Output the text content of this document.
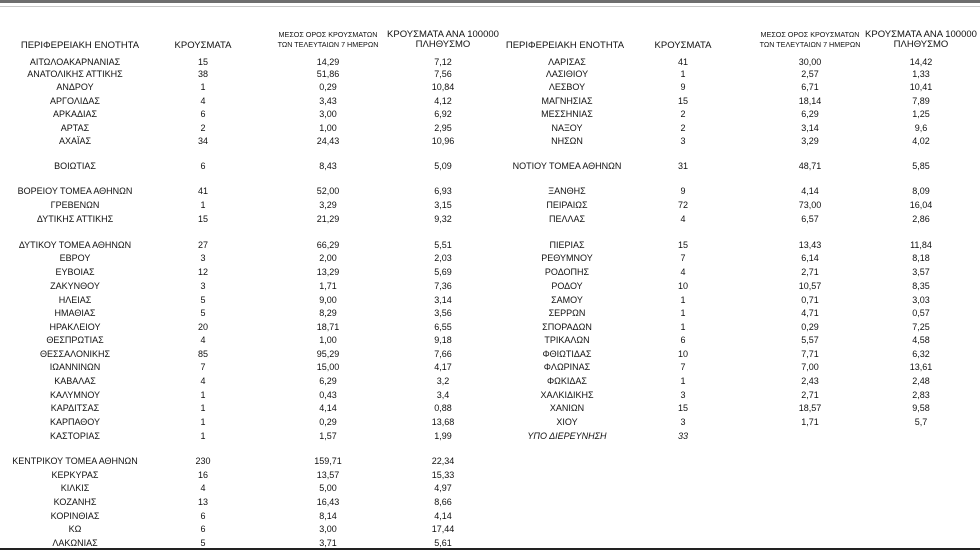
ΠΕΡΙΦΕΡΕΙΑΚΗ ΕΝΟΤΗΤΑ	ΚΡΟΥΣΜΑΤΑ
ΜΕΣΟΣ ΟΡΟΣ ΚΡΟΥΣΜΑΤΩΝ
ΤΩΝ ΤΕΛΕΥΤΑΙΩΝ 7 ΗΜΕΡΩΝ
ΚΡΟΥΣΜΑΤΑ ΑΝΑ 100000
ΠΛΗΘΥΣΜΟ	ΠΕΡΙΦΕΡΕΙΑΚΗ ΕΝΟΤΗΤΑ	ΚΡΟΥΣΜΑΤΑ
ΜΕΣΟΣ ΟΡΟΣ ΚΡΟΥΣΜΑΤΩΝ
ΤΩΝ ΤΕΛΕΥΤΑΙΩΝ 7 ΗΜΕΡΩΝ
ΚΡΟΥΣΜΑΤΑ ΑΝΑ 100000
ΠΛΗΘΥΣΜΟ
ΑΙΤΩΛΟΑΚΑΡΝΑΝΙΑΣ	15	14,29	7,12
ΑΝΑΤΟΛΙΚΗΣ ΑΤΤΙΚΗΣ	38	51,86	7,56
ΑΝΔΡΟΥ	1	0,29	10,84
ΑΡΓΟΛΙΔΑΣ	4	3,43	4,12
ΑΡΚΑΔΙΑΣ	6	3,00	6,92
ΑΡΤΑΣ	2	1,00	2,95
ΑΧΑΪΑΣ	34	24,43	10,96
ΒΟΙΩΤΙΑΣ	6	8,43	5,09
ΒΟΡΕΙΟΥ ΤΟΜΕΑ ΑΘΗΝΩΝ	41	52,00	6,93
ΓΡΕΒΕΝΩΝ	1	3,29	3,15
ΔΥΤΙΚΗΣ ΑΤΤΙΚΗΣ	15	21,29	9,32
ΔΥΤΙΚΟΥ ΤΟΜΕΑ ΑΘΗΝΩΝ	27	66,29	5,51
ΕΒΡΟΥ	3	2,00	2,03
ΕΥΒΟΙΑΣ	12	13,29	5,69
ΖΑΚΥΝΘΟΥ	3	1,71	7,36
ΗΛΕΙΑΣ	5	9,00	3,14
ΗΜΑΘΙΑΣ	5	8,29	3,56
ΗΡΑΚΛΕΙΟΥ	20	18,71	6,55
ΘΕΣΠΡΩΤΙΑΣ	4	1,00	9,18
ΘΕΣΣΑΛΟΝΙΚΗΣ	85	95,29	7,66
ΙΩΑΝΝΙΝΩΝ	7	15,00	4,17
ΚΑΒΑΛΑΣ	4	6,29	3,2
ΚΑΛΥΜΝΟΥ	1	0,43	3,4
ΚΑΡΔΙΤΣΑΣ	1	4,14	0,88
ΚΑΡΠΑΘΟΥ	1	0,29	13,68
ΚΑΣΤΟΡΙΑΣ	1	1,57	1,99
ΚΕΝΤΡΙΚΟΥ ΤΟΜΕΑ ΑΘΗΝΩΝ	230	159,71	22,34
ΚΕΡΚΥΡΑΣ	16	13,57	15,33
ΚΙΛΚΙΣ	4	5,00	4,97
ΚΟΖΑΝΗΣ	13	16,43	8,66
ΚΟΡΙΝΘΙΑΣ	6	8,14	4,14
ΚΩ	6	3,00	17,44
ΛΑΚΩΝΙΑΣ	5	3,71	5,61
ΛΑΡΙΣΑΣ	41	30,00	14,42
ΛΑΣΙΘΙΟΥ	1	2,57	1,33
ΛΕΣΒΟΥ	9	6,71	10,41
ΜΑΓΝΗΣΙΑΣ	15	18,14	7,89
ΜΕΣΣΗΝΙΑΣ	2	6,29	1,25
ΝΑΞΟΥ	2	3,14	9,6
ΝΗΣΩΝ	3	3,29	4,02
ΝΟΤΙΟΥ ΤΟΜΕΑ ΑΘΗΝΩΝ	31	48,71	5,85
ΞΑΝΘΗΣ	9	4,14	8,09
ΠΕΙΡΑΙΩΣ	72	73,00	16,04
ΠΕΛΛΑΣ	4	6,57	2,86
ΠΙΕΡΙΑΣ	15	13,43	11,84
ΡΕΘΥΜΝΟΥ	7	6,14	8,18
ΡΟΔΟΠΗΣ	4	2,71	3,57
ΡΟΔΟΥ	10	10,57	8,35
ΣΑΜΟΥ	1	0,71	3,03
ΣΕΡΡΩΝ	1	4,71	0,57
ΣΠΟΡΑΔΩΝ	1	0,29	7,25
ΤΡΙΚΑΛΩΝ	6	5,57	4,58
ΦΘΙΩΤΙΔΑΣ	10	7,71	6,32
ΦΛΩΡΙΝΑΣ	7	7,00	13,61
ΦΩΚΙΔΑΣ	1	2,43	2,48
ΧΑΛΚΙΔΙΚΗΣ	3	2,71	2,83
ΧΑΝΙΩΝ	15	18,57	9,58
ΧΙΟΥ	3	1,71	5,7
ΥΠΟ ΔΙΕΡΕΥΝΗΣΗ	33
